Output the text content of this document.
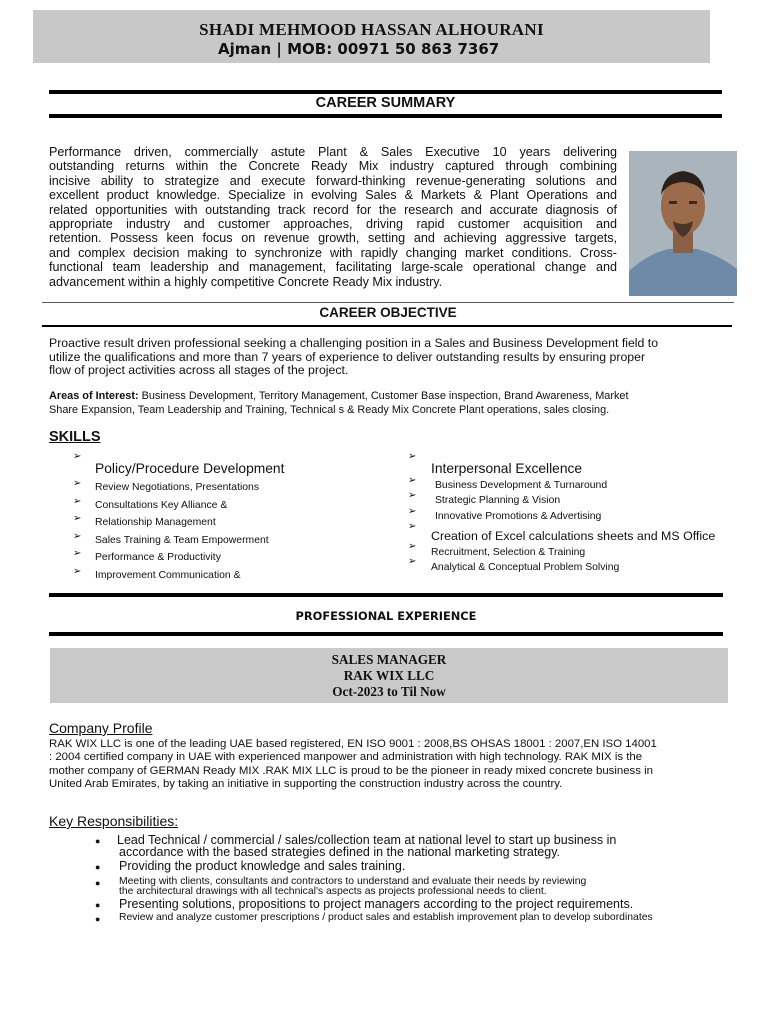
SHADI MEHMOOD HASSAN ALHOURANI
Ajman | MOB: 00971 50 863 7367
CAREER SUMMARY
Performance driven, commercially astute Plant & Sales Executive 10 years delivering
outstanding returns within the Concrete Ready Mix industry captured through combining
incisive ability to strategize and execute forward-thinking revenue-generating solutions and
excellent product knowledge. Specialize in evolving Sales & Markets & Plant Operations and
related opportunities with outstanding track record for the research and accurate diagnosis of
appropriate industry and customer approaches, driving rapid customer acquisition and
retention. Possess keen focus on revenue growth, setting and achieving aggressive targets,
and complex decision making to synchronize with rapidly changing market conditions. Cross-
functional team leadership and management, facilitating large-scale operational change and
advancement within a highly competitive Concrete Ready Mix industry.
CAREER OBJECTIVE
Proactive result driven professional seeking a challenging position in a Sales and Business Development field to
utilize the qualifications and more than 7 years of experience to deliver outstanding results by ensuring proper
flow of project activities across all stages of the project.
Areas of Interest: Business Development, Territory Management, Customer Base inspection, Brand Awareness, Market
Share Expansion, Team Leadership and Training, Technical s & Ready Mix Concrete Plant operations, sales closing.
SKILLS
➢
Policy/Procedure Development
➢ Review Negotiations, Presentations
➢ Consultations Key Alliance &
➢ Relationship Management
➢ Sales Training & Team Empowerment
➢ Performance & Productivity
➢ Improvement Communication &
➢
Interpersonal Excellence
➢ Business Development & Turnaround
➢ Strategic Planning & Vision
➢ Innovative Promotions & Advertising
➢
Creation of Excel calculations sheets and MS Office
➢
Recruitment, Selection & Training
➢
Analytical & Conceptual Problem Solving
PROFESSIONAL EXPERIENCE
SALES MANAGER
RAK WIX LLC
Oct-2023 to Til Now
Company Profile
RAK WIX LLC is one of the leading UAE based registered, EN ISO 9001 : 2008,BS OHSAS 18001 : 2007,EN ISO 14001
: 2004 certified company in UAE with experienced manpower and administration with high technology. RAK MIX is the
mother company of GERMAN Ready MIX .RAK MIX LLC is proud to be the pioneer in ready mixed concrete business in
United Arab Emirates, by taking an initiative in supporting the construction industry across the country.
Key Responsibilities:
● Lead Technical / commercial / sales/collection team at national level to start up business in
accordance with the based strategies defined in the national marketing strategy.
● Providing the product knowledge and sales training.
● Meeting with clients, consultants and contractors to understand and evaluate their needs by reviewing
the architectural drawings with all technical's aspects as projects professional needs to client.
● Presenting solutions, propositions to project managers according to the project requirements.
● Review and analyze customer prescriptions / product sales and establish improvement plan to develop subordinates
